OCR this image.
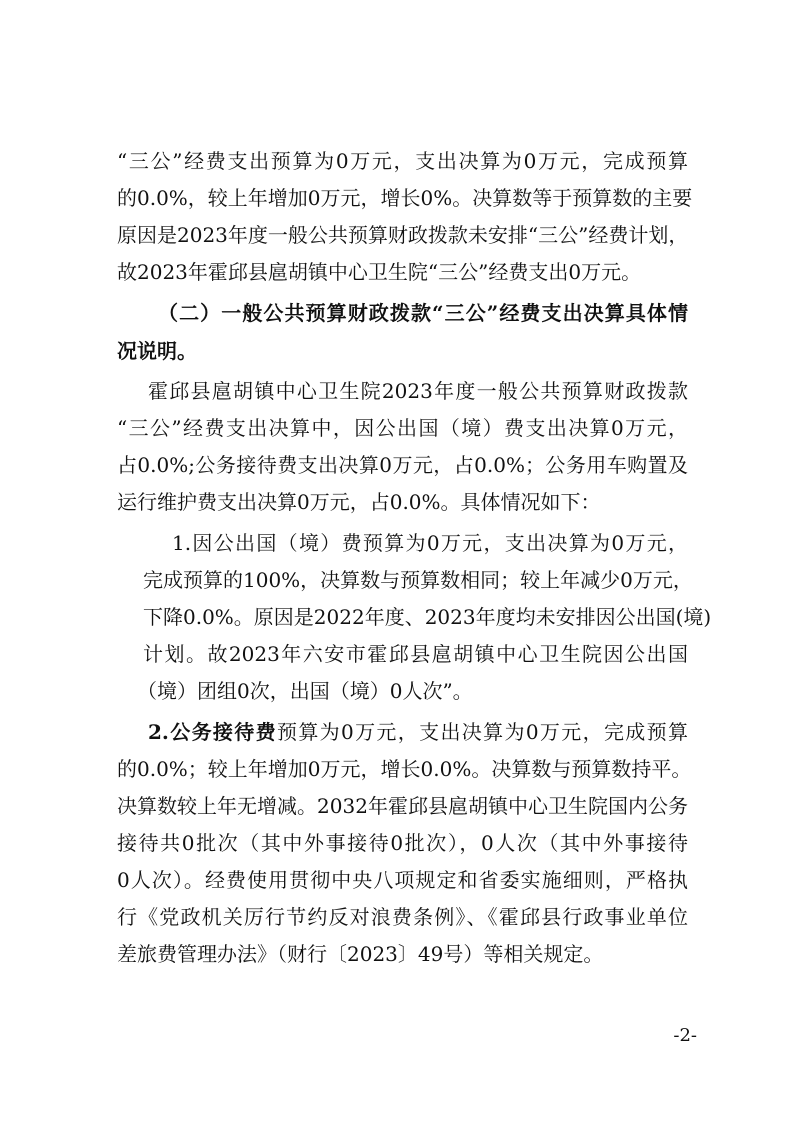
“三公”经费支出预算为0万元，支出决算为0万元，完成预算

的0.0%，较上年增加0万元，增长0%。决算数等于预算数的主要

原因是2023年度一般公共预算财政拨款未安排“三公”经费计划，

故2023年霍邱县扈胡镇中心卫生院“三公”经费支出0万元。

（二）一般公共预算财政拨款“三公”经费支出决算具体情

况说明。

霍邱县扈胡镇中心卫生院2023年度一般公共预算财政拨款

“三公”经费支出决算中，因公出国（境）费支出决算0万元，

占0.0%;公务接待费支出决算0万元，占0.0%；公务用车购置及

运行维护费支出决算0万元，占0.0%。具体情况如下：

1.因公出国（境）费预算为0万元，支出决算为0万元，

完成预算的100%，决算数与预算数相同；较上年减少0万元，

下降0.0%。原因是2022年度、2023年度均未安排因公出国(境)

计划。故2023年六安市霍邱县扈胡镇中心卫生院因公出国

（境）团组0次，出国（境）0人次”。

2.公务接待费预算为0万元，支出决算为0万元，完成预算

的0.0%；较上年增加0万元，增长0.0%。决算数与预算数持平。

决算数较上年无增减。2032年霍邱县扈胡镇中心卫生院国内公务

接待共0批次（其中外事接待0批次），0人次（其中外事接待

0人次）。经费使用贯彻中央八项规定和省委实施细则，严格执

行《党政机关厉行节约反对浪费条例》、《霍邱县行政事业单位

差旅费管理办法》（财行〔2023〕49号）等相关规定。

-2-
